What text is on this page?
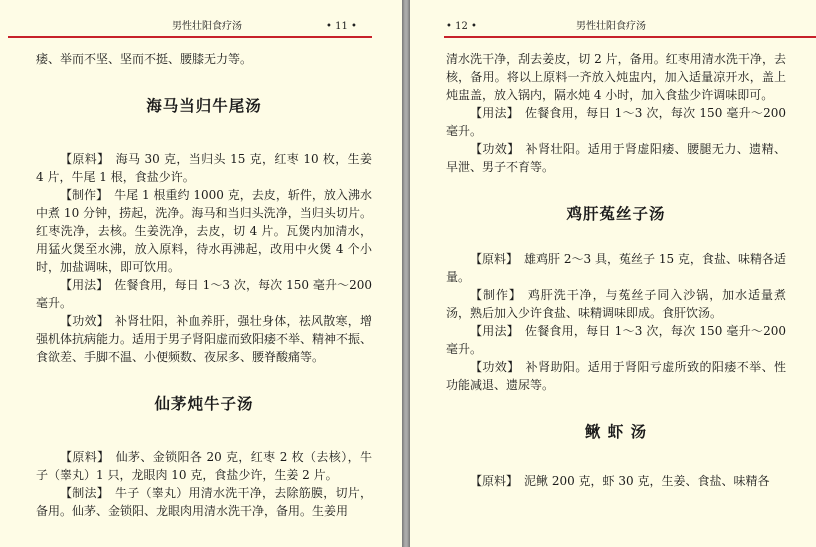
男性壮阳食疗汤	• 11 •

痿、举而不坚、坚而不挺、腰膝无力等。

海马当归牛尾汤

【原料】 海马 30 克，当归头 15 克，红枣 10 枚，生姜 4 片，牛尾 1 根，食盐少许。

【制作】 牛尾 1 根重约 1000 克，去皮，斩件，放入沸水中煮 10 分钟，捞起，洗净。海马和当归头洗净，当归头切片。红枣洗净，去核。生姜洗净，去皮，切 4 片。瓦煲内加清水，用猛火煲至水沸，放入原料，待水再沸起，改用中火煲 4 个小时，加盐调味，即可饮用。

【用法】 佐餐食用，每日 1～3 次，每次 150 毫升～200 毫升。

【功效】 补肾壮阳，补血养肝，强壮身体，祛风散寒，增强机体抗病能力。适用于男子肾阳虚而致阳痿不举、精神不振、食欲差、手脚不温、小便频数、夜尿多、腰脊酸痛等。

仙茅炖牛子汤

【原料】 仙茅、金锁阳各 20 克，红枣 2 枚（去核），牛子（睾丸）1 只，龙眼肉 10 克，食盐少许，生姜 2 片。

【制法】 牛子（睾丸）用清水洗干净，去除筋膜，切片，备用。仙茅、金锁阳、龙眼肉用清水洗干净，备用。生姜用

• 12 •	男性壮阳食疗汤

清水洗干净，刮去姜皮，切 2 片，备用。红枣用清水洗干净，去核，备用。将以上原料一齐放入炖盅内，加入适量凉开水，盖上炖盅盖，放入锅内，隔水炖 4 小时，加入食盐少许调味即可。

【用法】 佐餐食用，每日 1～3 次，每次 150 毫升～200 毫升。

【功效】 补肾壮阳。适用于肾虚阳痿、腰腿无力、遗精、早泄、男子不育等。

鸡肝菟丝子汤

【原料】 雄鸡肝 2～3 具，菟丝子 15 克，食盐、味精各适量。

【制作】 鸡肝洗干净，与菟丝子同入沙锅，加水适量煮汤，熟后加入少许食盐、味精调味即成。食肝饮汤。

【用法】 佐餐食用，每日 1～3 次，每次 150 毫升～200 毫升。

【功效】 补肾助阳。适用于肾阳亏虚所致的阳痿不举、性功能减退、遗尿等。

鳅 虾 汤

【原料】 泥鳅 200 克，虾 30 克，生姜、食盐、味精各
